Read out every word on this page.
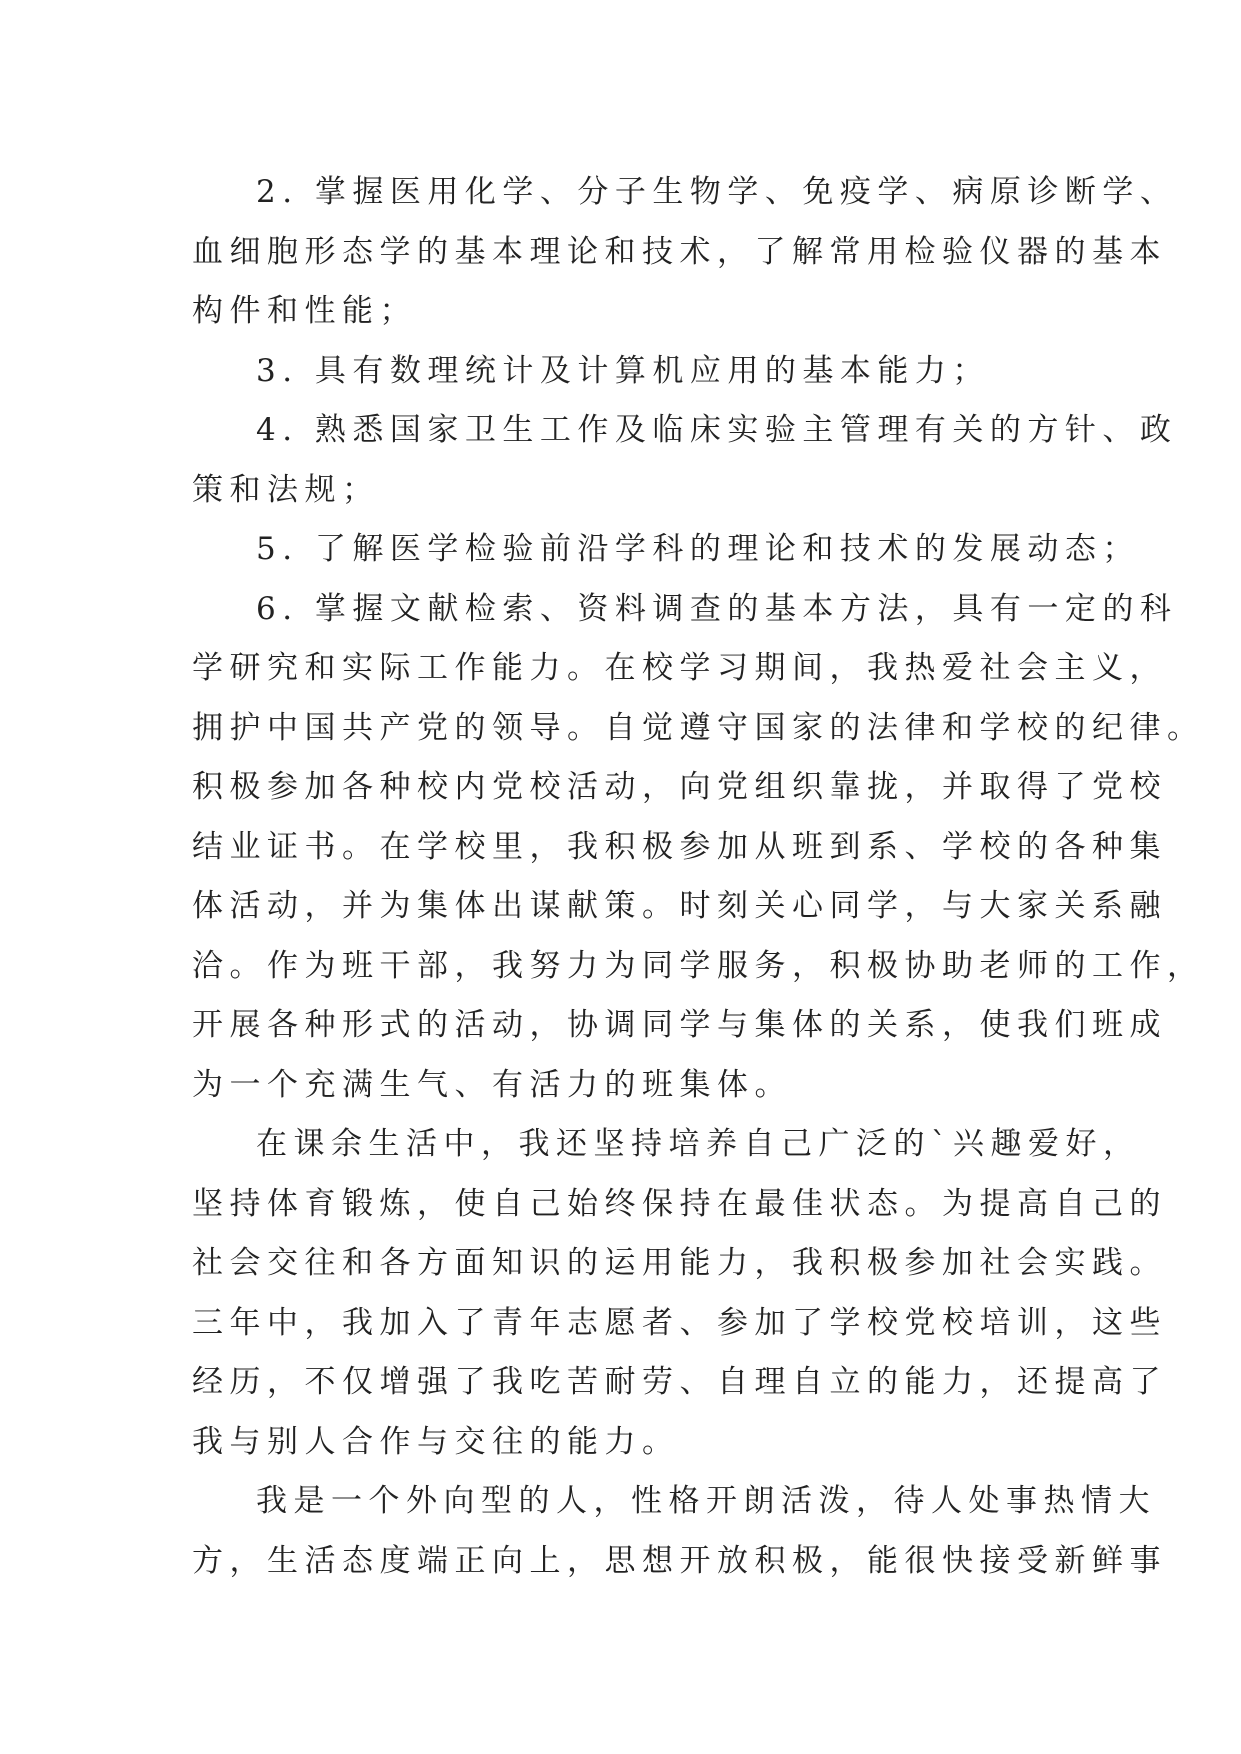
2. 掌握医用化学、分子生物学、免疫学、病原诊断学、
血细胞形态学的基本理论和技术，了解常用检验仪器的基本
构件和性能；
3. 具有数理统计及计算机应用的基本能力；
4. 熟悉国家卫生工作及临床实验主管理有关的方针、政
策和法规；
5. 了解医学检验前沿学科的理论和技术的发展动态；
6. 掌握文献检索、资料调查的基本方法，具有一定的科
学研究和实际工作能力。在校学习期间，我热爱社会主义，
拥护中国共产党的领导。自觉遵守国家的法律和学校的纪律。
积极参加各种校内党校活动，向党组织靠拢，并取得了党校
结业证书。在学校里，我积极参加从班到系、学校的各种集
体活动，并为集体出谋献策。时刻关心同学，与大家关系融
洽。作为班干部，我努力为同学服务，积极协助老师的工作，
开展各种形式的活动，协调同学与集体的关系，使我们班成
为一个充满生气、有活力的班集体。
在课余生活中，我还坚持培养自己广泛的`兴趣爱好，
坚持体育锻炼，使自己始终保持在最佳状态。为提高自己的
社会交往和各方面知识的运用能力，我积极参加社会实践。
三年中，我加入了青年志愿者、参加了学校党校培训，这些
经历，不仅增强了我吃苦耐劳、自理自立的能力，还提高了
我与别人合作与交往的能力。
我是一个外向型的人，性格开朗活泼，待人处事热情大
方，生活态度端正向上，思想开放积极，能很快接受新鲜事
